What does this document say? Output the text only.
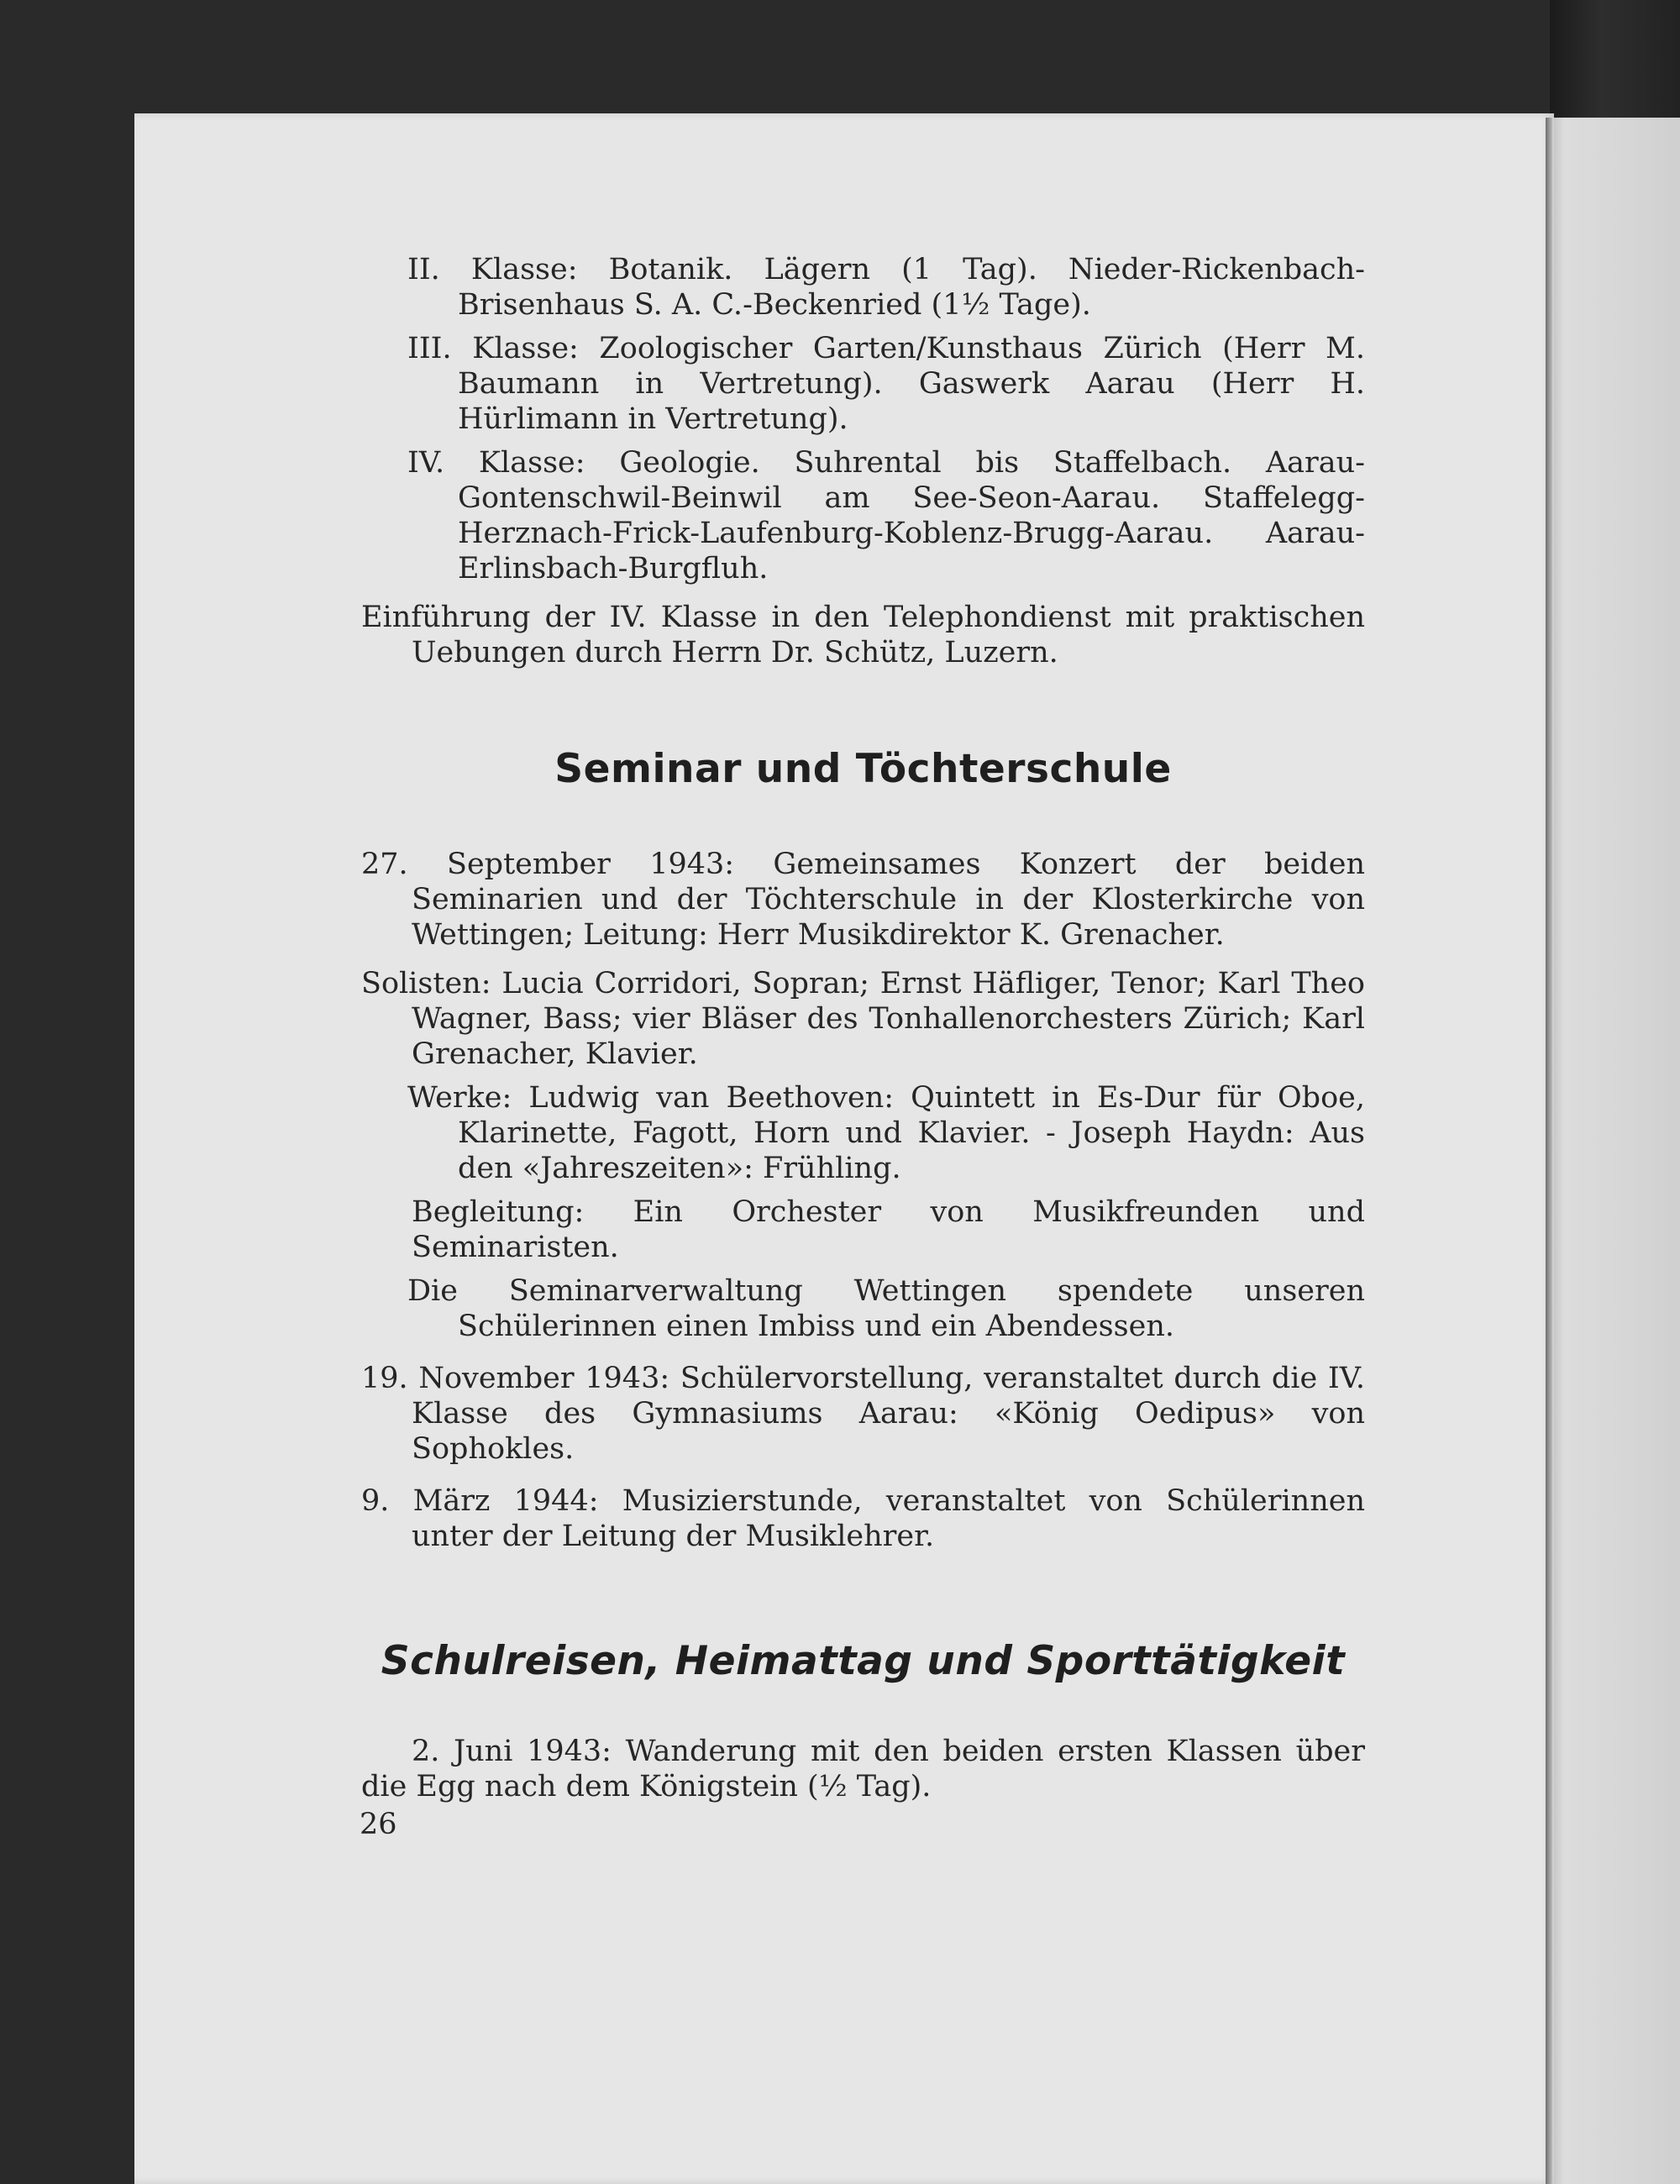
II. Klasse: Botanik. Lägern (1 Tag). Nieder-Rickenbach-Brisenhaus S. A. C.-Beckenried (1½ Tage).

III. Klasse: Zoologischer Garten/Kunsthaus Zürich (Herr M. Baumann in Vertretung). Gaswerk Aarau (Herr H. Hürlimann in Vertretung).

IV. Klasse: Geologie. Suhrental bis Staffelbach. Aarau-Gontenschwil-Beinwil am See-Seon-Aarau. Staffelegg-Herznach-Frick-Laufenburg-Koblenz-Brugg-Aarau. Aarau-Erlinsbach-Burgfluh.

Einführung der IV. Klasse in den Telephondienst mit praktischen Uebungen durch Herrn Dr. Schütz, Luzern.

Seminar und Töchterschule

27. September 1943: Gemeinsames Konzert der beiden Seminarien und der Töchterschule in der Klosterkirche von Wettingen; Leitung: Herr Musikdirektor K. Grenacher.

Solisten: Lucia Corridori, Sopran; Ernst Häfliger, Tenor; Karl Theo Wagner, Bass; vier Bläser des Tonhallenorchesters Zürich; Karl Grenacher, Klavier.

Werke: Ludwig van Beethoven: Quintett in Es-Dur für Oboe, Klarinette, Fagott, Horn und Klavier. - Joseph Haydn: Aus den «Jahreszeiten»: Frühling.

Begleitung: Ein Orchester von Musikfreunden und Seminaristen.

Die Seminarverwaltung Wettingen spendete unseren Schülerinnen einen Imbiss und ein Abendessen.

19. November 1943: Schülervorstellung, veranstaltet durch die IV. Klasse des Gymnasiums Aarau: «König Oedipus» von Sophokles.

9. März 1944: Musizierstunde, veranstaltet von Schülerinnen unter der Leitung der Musiklehrer.

Schulreisen, Heimattag und Sporttätigkeit

2. Juni 1943: Wanderung mit den beiden ersten Klassen über die Egg nach dem Königstein (½ Tag).

26
